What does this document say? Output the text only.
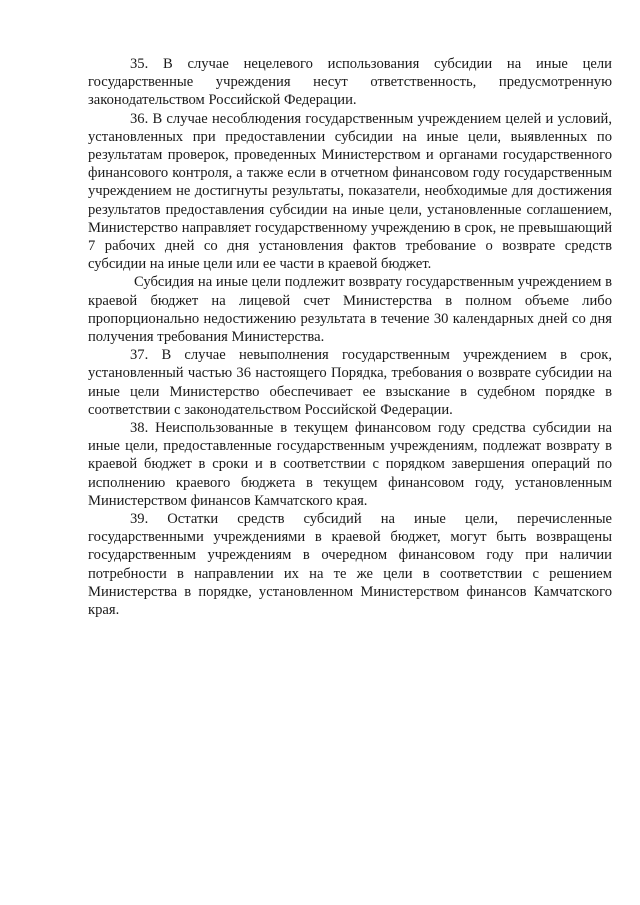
35. В случае нецелевого использования субсидии на иные цели государственные учреждения несут ответственность, предусмотренную законодательством Российской Федерации.

36. В случае несоблюдения государственным учреждением целей и условий, установленных при предоставлении субсидии на иные цели, выявленных по результатам проверок, проведенных Министерством и органами государственного финансового контроля, а также если в отчетном финансовом году государственным учреждением не достигнуты результаты, показатели, необходимые для достижения результатов предоставления субсидии на иные цели, установленные соглашением, Министерство направляет государственному учреждению в срок, не превышающий 7 рабочих дней со дня установления фактов требование о возврате средств субсидии на иные цели или ее части в краевой бюджет.

Субсидия на иные цели подлежит возврату государственным учреждением в краевой бюджет на лицевой счет Министерства в полном объеме либо пропорционально недостижению результата в течение 30 календарных дней со дня получения требования Министерства.

37. В случае невыполнения государственным учреждением в срок, установленный частью 36 настоящего Порядка, требования о возврате субсидии на иные цели Министерство обеспечивает ее взыскание в судебном порядке в соответствии с законодательством Российской Федерации.

38. Неиспользованные в текущем финансовом году средства субсидии на иные цели, предоставленные государственным учреждениям, подлежат возврату в краевой бюджет в сроки и в соответствии с порядком завершения операций по исполнению краевого бюджета в текущем финансовом году, установленным Министерством финансов Камчатского края.

39. Остатки средств субсидий на иные цели, перечисленные государственными учреждениями в краевой бюджет, могут быть возвращены государственным учреждениям в очередном финансовом году при наличии потребности в направлении их на те же цели в соответствии с решением Министерства в порядке, установленном Министерством финансов Камчатского края.
